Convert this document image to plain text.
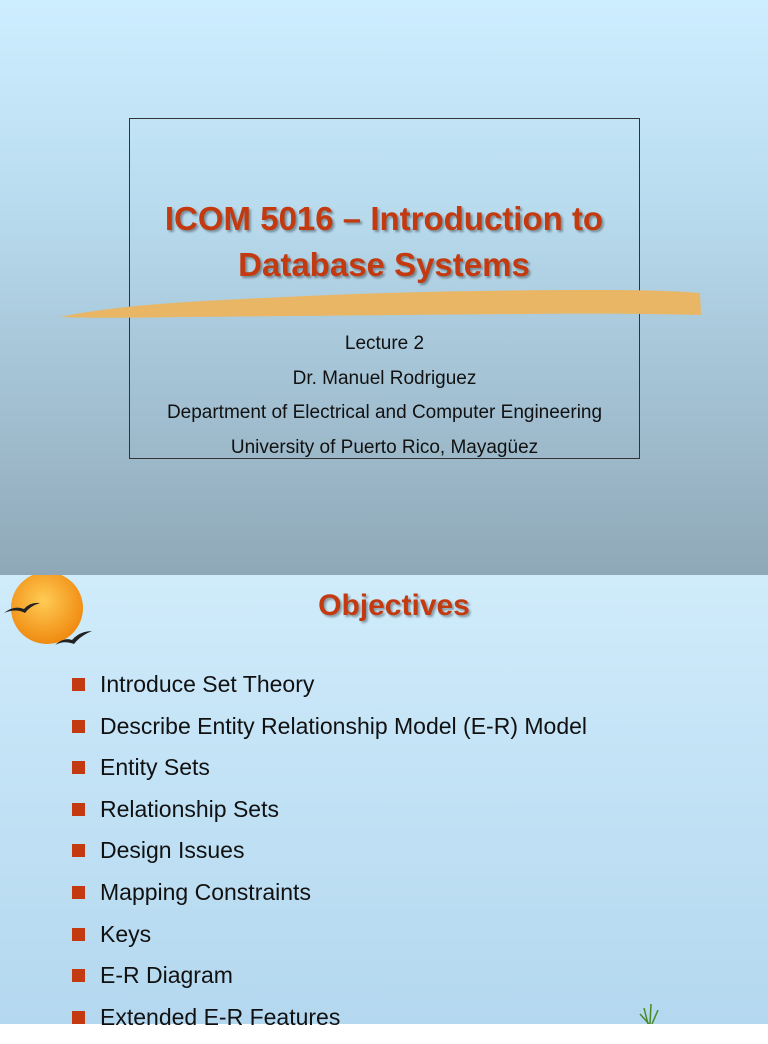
ICOM 5016 – Introduction to
Database Systems

Lecture 2

Dr. Manuel Rodriguez

Department of Electrical and Computer Engineering

University of Puerto Rico, Mayagüez

Objectives
Introduce Set Theory
Describe Entity Relationship Model (E-R) Model
Entity Sets
Relationship Sets
Design Issues
Mapping Constraints
Keys
E-R Diagram
Extended E-R Features
